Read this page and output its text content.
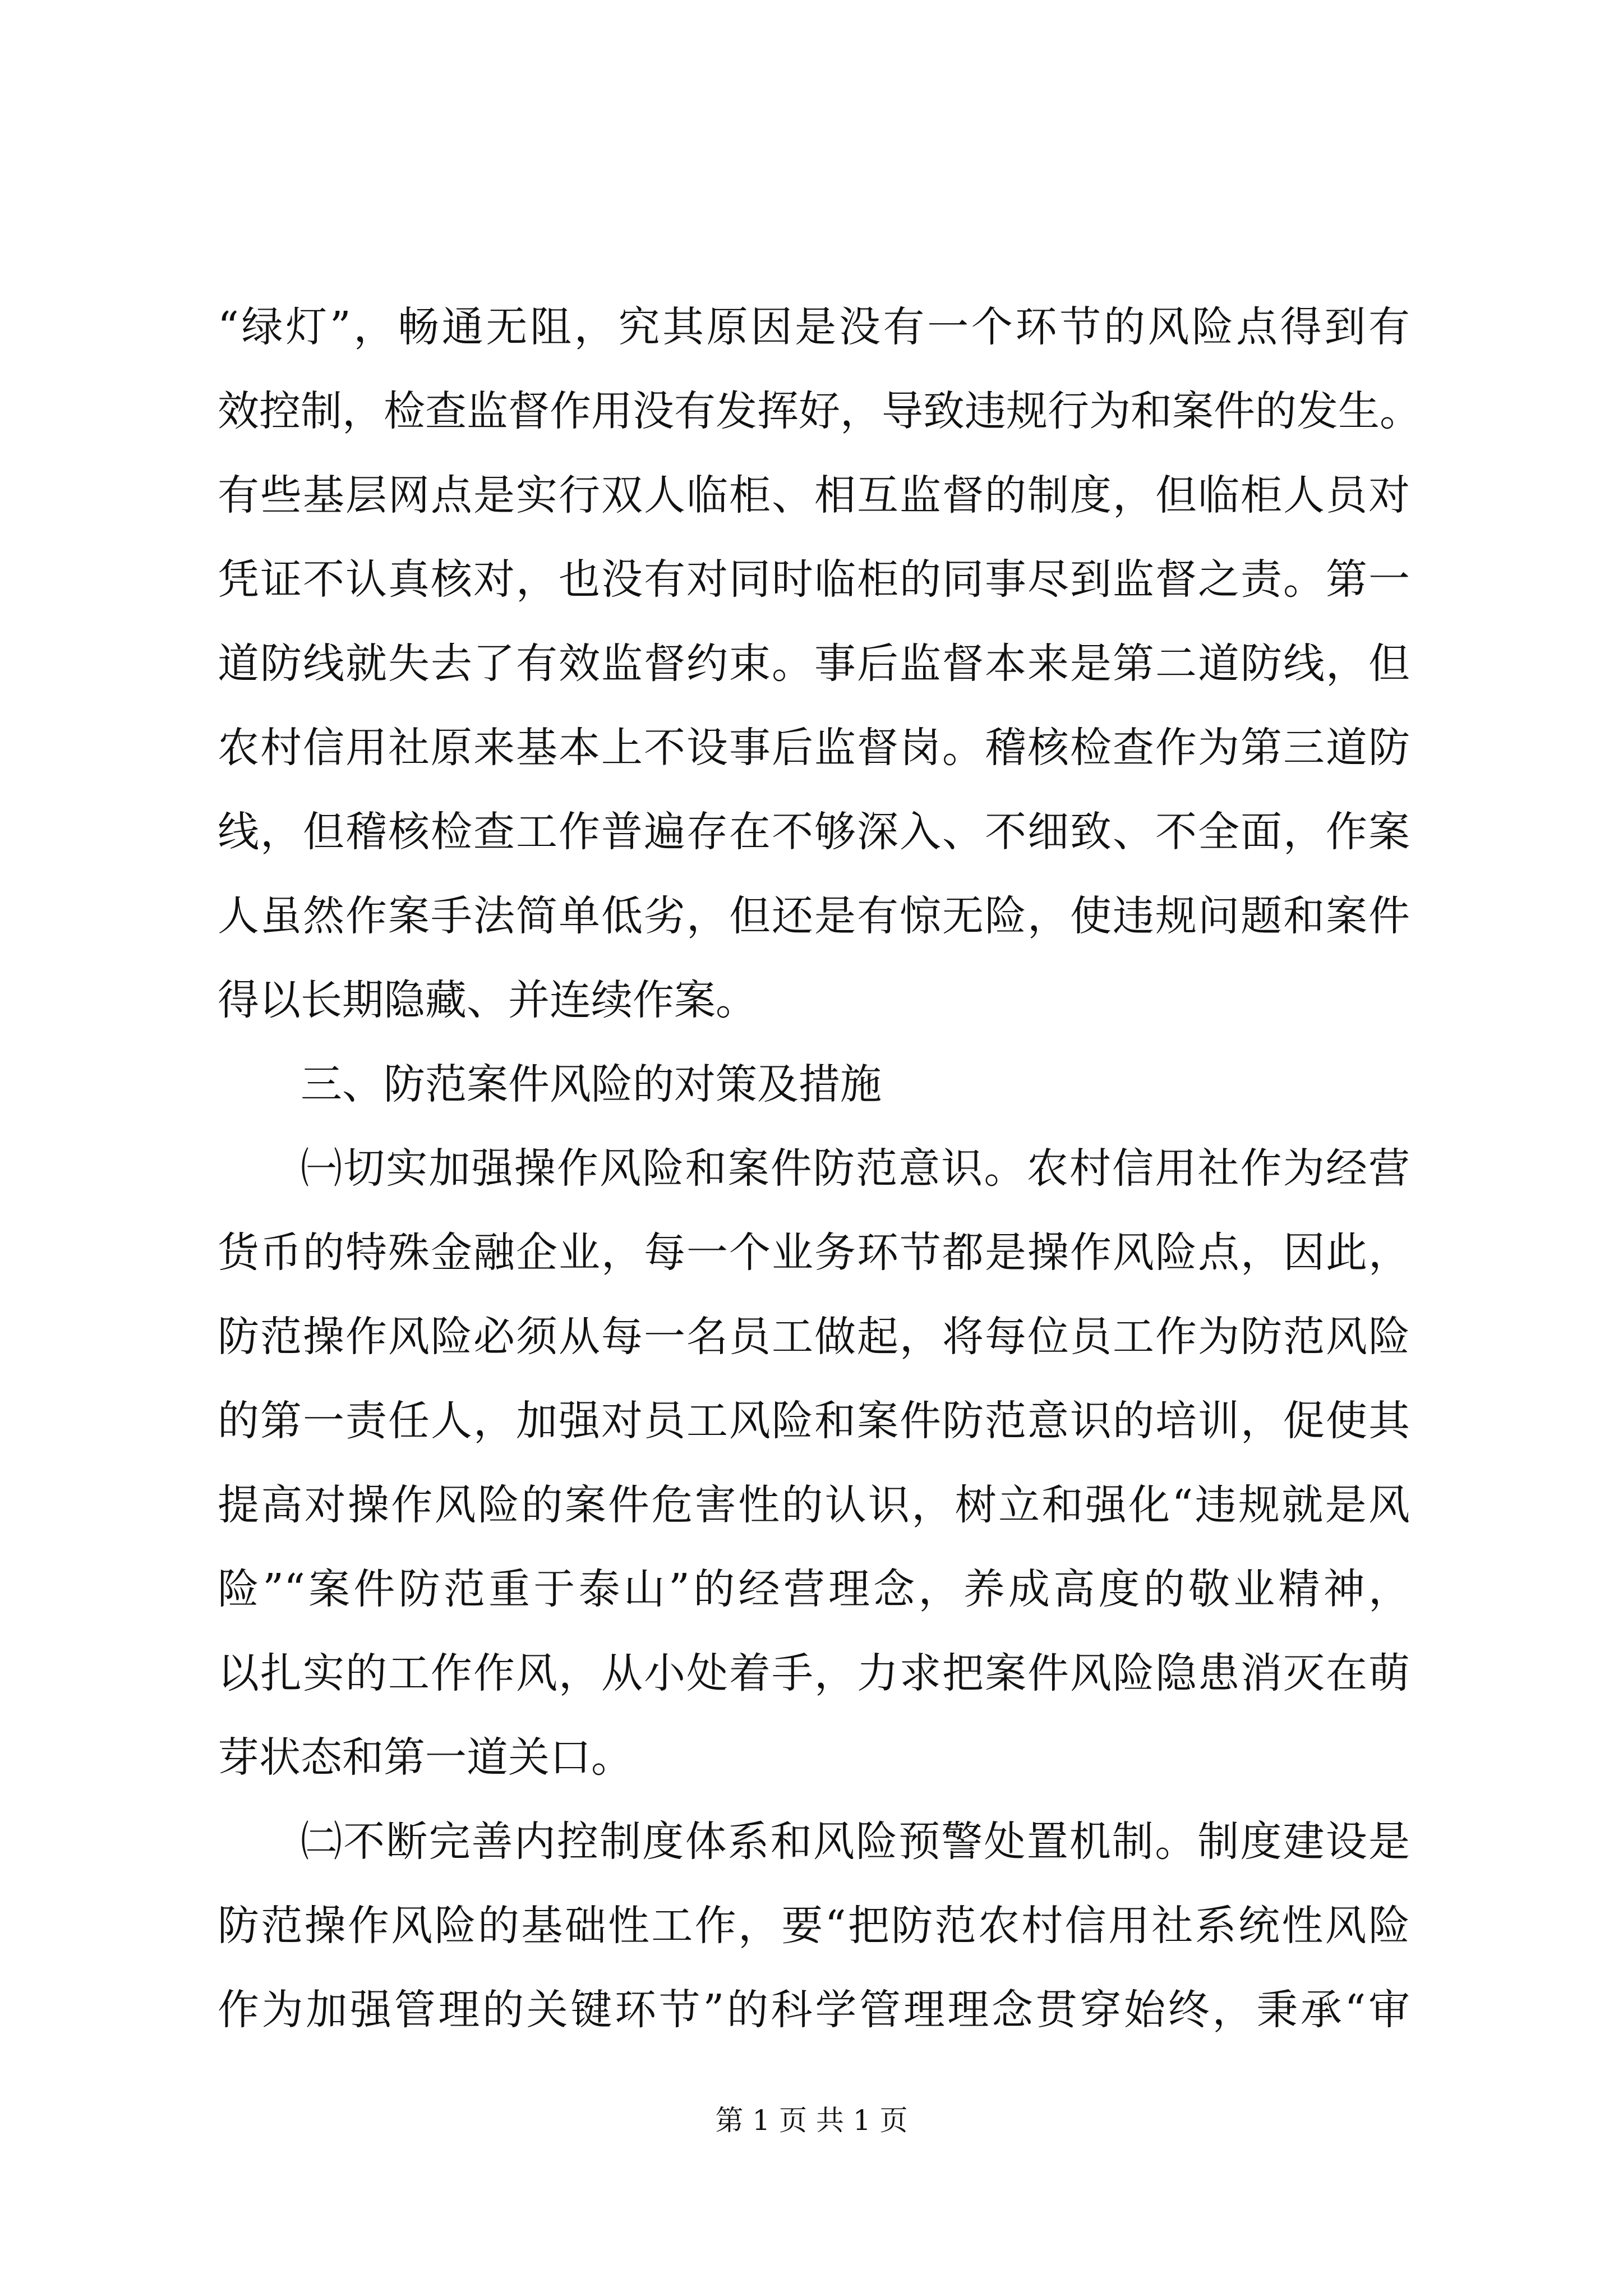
“绿灯”，畅通无阻，究其原因是没有一个环节的风险点得到有

效控制，检查监督作用没有发挥好，导致违规行为和案件的发生。

有些基层网点是实行双人临柜、相互监督的制度，但临柜人员对

凭证不认真核对，也没有对同时临柜的同事尽到监督之责。第一

道防线就失去了有效监督约束。事后监督本来是第二道防线，但

农村信用社原来基本上不设事后监督岗。稽核检查作为第三道防

线，但稽核检查工作普遍存在不够深入、不细致、不全面，作案

人虽然作案手法简单低劣，但还是有惊无险，使违规问题和案件

得以长期隐藏、并连续作案。

三、防范案件风险的对策及措施

㈠切实加强操作风险和案件防范意识。农村信用社作为经营

货币的特殊金融企业，每一个业务环节都是操作风险点，因此，

防范操作风险必须从每一名员工做起，将每位员工作为防范风险

的第一责任人，加强对员工风险和案件防范意识的培训，促使其

提高对操作风险的案件危害性的认识，树立和强化“违规就是风

险”“案件防范重于泰山”的经营理念，养成高度的敬业精神，

以扎实的工作作风，从小处着手，力求把案件风险隐患消灭在萌

芽状态和第一道关口。

㈡不断完善内控制度体系和风险预警处置机制。制度建设是

防范操作风险的基础性工作，要“把防范农村信用社系统性风险

作为加强管理的关键环节”的科学管理理念贯穿始终，秉承“审

第 1 页 共 1 页
